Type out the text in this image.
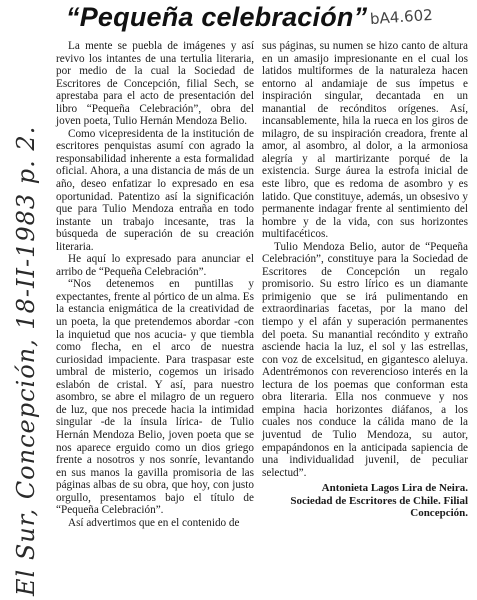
“Pequeña celebración” bA4.602
El Sur, Concepción, 18-II-1983 p. 2.

La mente se puebla de imágenes y así revivo los intantes de una tertulia literaria, por medio de la cual la Sociedad de Escritores de Concepción, filial Sech, se aprestaba para el acto de presentación del libro “Pequeña Celebración”, obra del joven poeta, Tulio Hernán Mendoza Belio.

Como vicepresidenta de la institución de escritores penquistas asumí con agrado la responsabilidad inherente a esta formalidad oficial. Ahora, a una distancia de más de un año, deseo enfatizar lo expresado en esa oportunidad. Patentizo así la significación que para Tulio Mendoza entraña en todo instante un trabajo incesante, tras la búsqueda de superación de su creación literaria.

He aquí lo expresado para anunciar el arribo de “Pequeña Celebración”.

“Nos detenemos en puntillas y expectantes, frente al pórtico de un alma. Es la estancia enigmática de la creatividad de un poeta, la que pretendemos abordar -con la inquietud que nos acucia- y que tiembla como flecha, en el arco de nuestra curiosidad impaciente. Para traspasar este umbral de misterio, cogemos un irisado eslabón de cristal. Y así, para nuestro asombro, se abre el milagro de un reguero de luz, que nos precede hacia la intimidad singular -de la ínsula lírica- de Tulio Hernán Mendoza Belio, joven poeta que se nos aparece erguido como un dios griego frente a nosotros y nos sonríe, levantando en sus manos la gavilla promisoria de las páginas albas de su obra, que hoy, con justo orgullo, presentamos bajo el título de “Pequeña Celebración”.

Así advertimos que en el contenido de

sus páginas, su numen se hizo canto de altura en un amasijo impresionante en el cual los latidos multiformes de la naturaleza hacen entorno al andamiaje de sus ímpetus e inspiración singular, decantada en un manantial de recónditos orígenes. Así, incansablemente, hila la rueca en los giros de milagro, de su inspiración creadora, frente al amor, al asombro, al dolor, a la armoniosa alegría y al martirizante porqué de la existencia. Surge áurea la estrofa inicial de este libro, que es redoma de asombro y es latido. Que constituye, además, un obsesivo y permanente indagar frente al sentimiento del hombre y de la vida, con sus horizontes multifacéticos.

Tulio Mendoza Belio, autor de “Pequeña Celebración”, constituye para la Sociedad de Escritores de Concepción un regalo promisorio. Su estro lírico es un diamante primigenio que se irá pulimentando en extraordinarias facetas, por la mano del tiempo y el afán y superación permanentes del poeta. Su manantial recóndito y extraño asciende hacia la luz, el sol y las estrellas, con voz de excelsitud, en gigantesco aleluya. Adentrémonos con reverencioso interés en la lectura de los poemas que conforman esta obra literaria. Ella nos conmueve y nos empina hacia horizontes diáfanos, a los cuales nos conduce la cálida mano de la juventud de Tulio Mendoza, su autor, empapándonos en la anticipada sapiencia de una individualidad juvenil, de peculiar selectud”.

Antonieta Lagos Lira de Neira.
Sociedad de Escritores de Chile. Filial
Concepción.
